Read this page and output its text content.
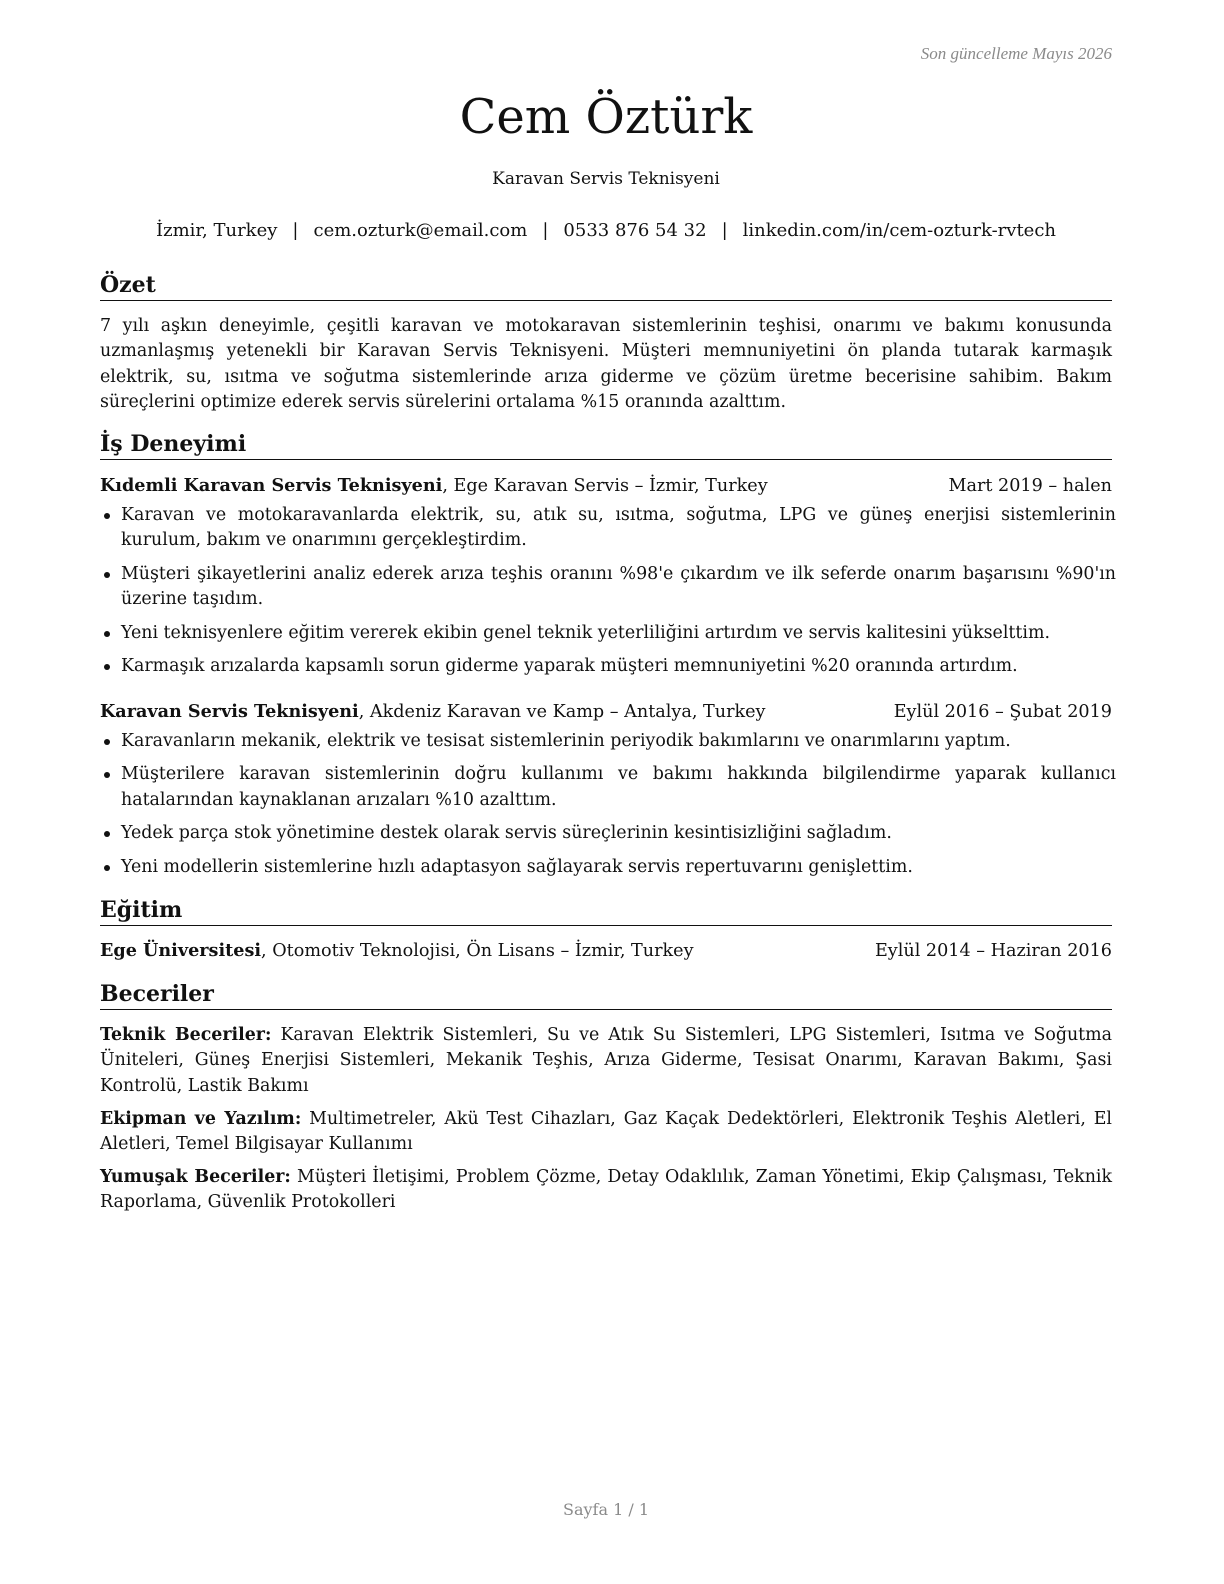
Son güncelleme Mayıs 2026
Cem Öztürk
Karavan Servis Teknisyeni
İzmir, Turkey | cem.ozturk@email.com | 0533 876 54 32 | linkedin.com/in/cem-ozturk-rvtech
Özet
7 yılı aşkın deneyimle, çeşitli karavan ve motokaravan sistemlerinin teşhisi, onarımı ve bakımı konusunda uzmanlaşmış yetenekli bir Karavan Servis Teknisyeni. Müşteri memnuniyetini ön planda tutarak karmaşık elektrik, su, ısıtma ve soğutma sistemlerinde arıza giderme ve çözüm üretme becerisine sahibim. Bakım süreçlerini optimize ederek servis sürelerini ortalama %15 oranında azalttım.
İş Deneyimi
Kıdemli Karavan Servis Teknisyeni, Ege Karavan Servis – İzmir, Turkey	Mart 2019 – halen
Karavan ve motokaravanlarda elektrik, su, atık su, ısıtma, soğutma, LPG ve güneş enerjisi sistemlerinin kurulum, bakım ve onarımını gerçekleştirdim.
Müşteri şikayetlerini analiz ederek arıza teşhis oranını %98'e çıkardım ve ilk seferde onarım başarısını %90'ın üzerine taşıdım.
Yeni teknisyenlere eğitim vererek ekibin genel teknik yeterliliğini artırdım ve servis kalitesini yükselttim.
Karmaşık arızalarda kapsamlı sorun giderme yaparak müşteri memnuniyetini %20 oranında artırdım.
Karavan Servis Teknisyeni, Akdeniz Karavan ve Kamp – Antalya, Turkey	Eylül 2016 – Şubat 2019
Karavanların mekanik, elektrik ve tesisat sistemlerinin periyodik bakımlarını ve onarımlarını yaptım.
Müşterilere karavan sistemlerinin doğru kullanımı ve bakımı hakkında bilgilendirme yaparak kullanıcı hatalarından kaynaklanan arızaları %10 azalttım.
Yedek parça stok yönetimine destek olarak servis süreçlerinin kesintisizliğini sağladım.
Yeni modellerin sistemlerine hızlı adaptasyon sağlayarak servis repertuvarını genişlettim.
Eğitim
Ege Üniversitesi, Otomotiv Teknolojisi, Ön Lisans – İzmir, Turkey	Eylül 2014 – Haziran 2016
Beceriler
Teknik Beceriler: Karavan Elektrik Sistemleri, Su ve Atık Su Sistemleri, LPG Sistemleri, Isıtma ve Soğutma Üniteleri, Güneş Enerjisi Sistemleri, Mekanik Teşhis, Arıza Giderme, Tesisat Onarımı, Karavan Bakımı, Şasi Kontrolü, Lastik Bakımı
Ekipman ve Yazılım: Multimetreler, Akü Test Cihazları, Gaz Kaçak Dedektörleri, Elektronik Teşhis Aletleri, El Aletleri, Temel Bilgisayar Kullanımı
Yumuşak Beceriler: Müşteri İletişimi, Problem Çözme, Detay Odaklılık, Zaman Yönetimi, Ekip Çalışması, Teknik Raporlama, Güvenlik Protokolleri
Sayfa 1 / 1
